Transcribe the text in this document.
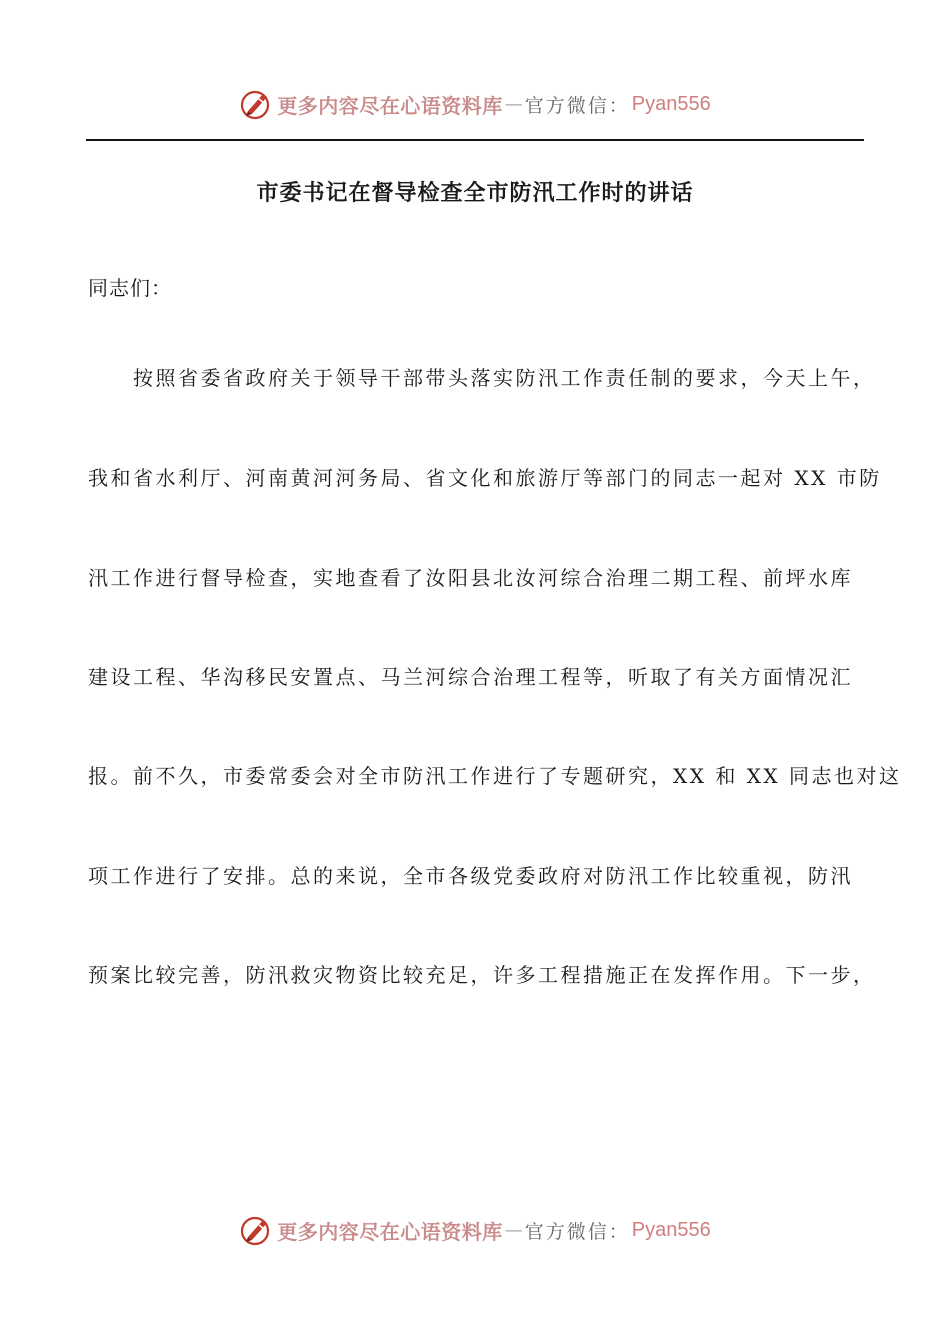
更多内容尽在心语资料库 — 官方微信： Pyan556
市委书记在督导检查全市防汛工作时的讲话
同志们：
　　按照省委省政府关于领导干部带头落实防汛工作责任制的要求，今天上午，
我和省水利厅、河南黄河河务局、省文化和旅游厅等部门的同志一起对 XX 市防
汛工作进行督导检查，实地查看了汝阳县北汝河综合治理二期工程、前坪水库
建设工程、华沟移民安置点、马兰河综合治理工程等，听取了有关方面情况汇
报。前不久，市委常委会对全市防汛工作进行了专题研究，XX 和 XX 同志也对这
项工作进行了安排。总的来说，全市各级党委政府对防汛工作比较重视，防汛
预案比较完善，防汛救灾物资比较充足，许多工程措施正在发挥作用。下一步，
更多内容尽在心语资料库 — 官方微信： Pyan556
